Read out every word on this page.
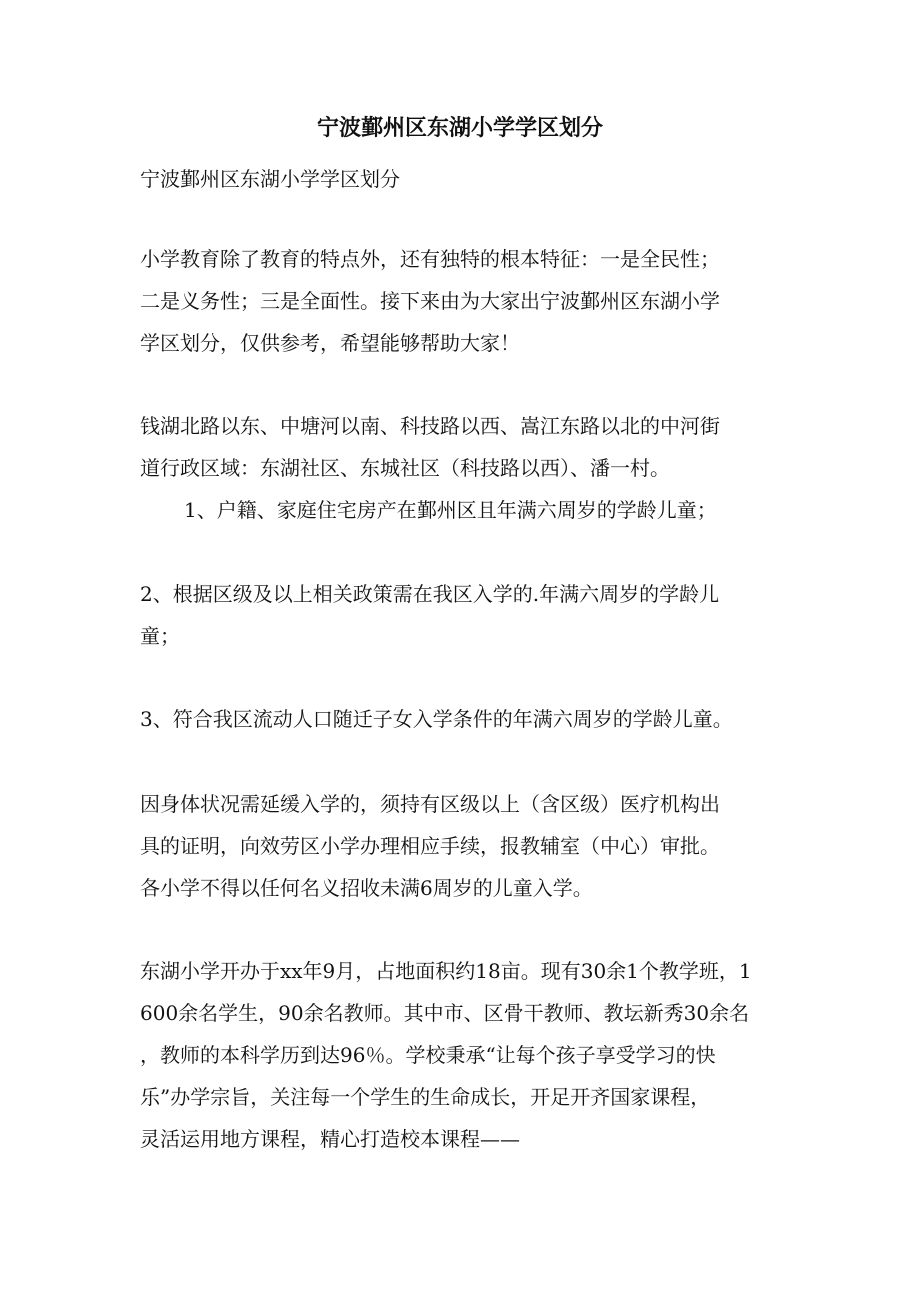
宁波鄞州区东湖小学学区划分

宁波鄞州区东湖小学学区划分

小学教育除了教育的特点外，还有独特的根本特征：一是全民性；
二是义务性；三是全面性。接下来由为大家出宁波鄞州区东湖小学
学区划分，仅供参考，希望能够帮助大家！

钱湖北路以东、中塘河以南、科技路以西、嵩江东路以北的中河街
道行政区域：东湖社区、东城社区（科技路以西）、潘一村。
1、户籍、家庭住宅房产在鄞州区且年满六周岁的学龄儿童；

2、根据区级及以上相关政策需在我区入学的.年满六周岁的学龄儿
童；

3、符合我区流动人口随迁子女入学条件的年满六周岁的学龄儿童。

因身体状况需延缓入学的，须持有区级以上（含区级）医疗机构出
具的证明，向效劳区小学办理相应手续，报教辅室（中心）审批。
各小学不得以任何名义招收未满6周岁的儿童入学。

东湖小学开办于xx年9月，占地面积约18亩。现有30余1个教学班，1
600余名学生，90余名教师。其中市、区骨干教师、教坛新秀30余名
，教师的本科学历到达96％。学校秉承“让每个孩子享受学习的快
乐”办学宗旨，关注每一个学生的生命成长，开足开齐国家课程，
灵活运用地方课程，精心打造校本课程——
